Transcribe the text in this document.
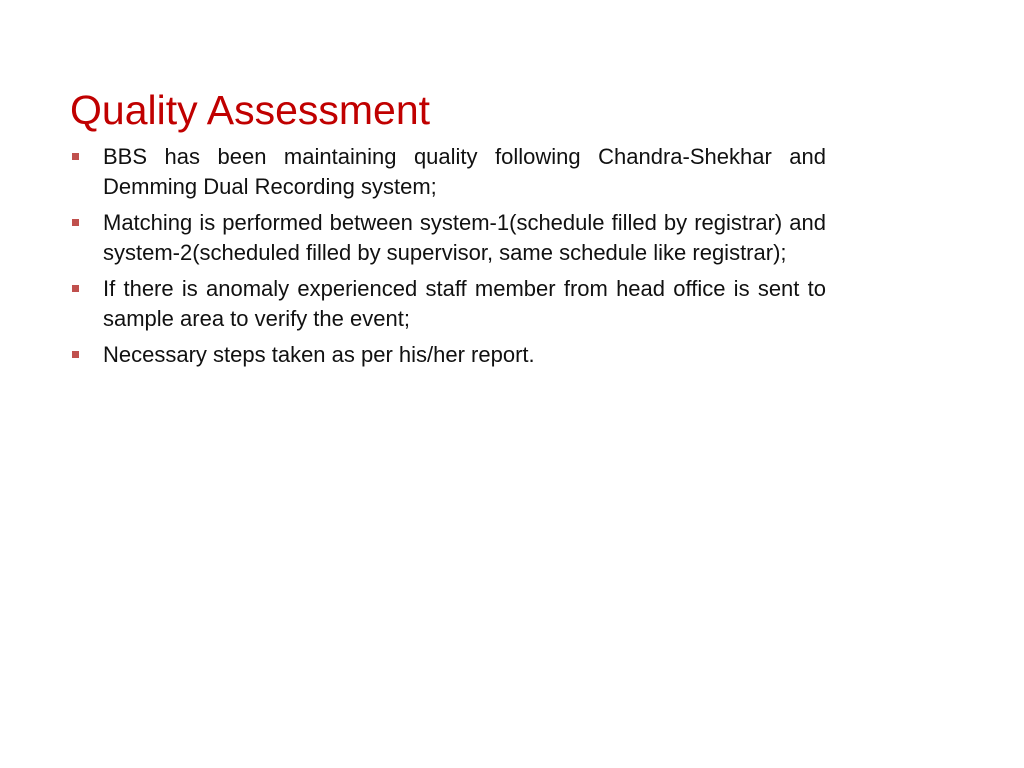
Quality Assessment
BBS has been maintaining quality following Chandra-Shekhar and Demming Dual Recording system;
Matching is performed between system-1(schedule filled by registrar) and system-2(scheduled filled by supervisor, same schedule like registrar);
If there is anomaly experienced staff member from head office is sent to sample area to verify the event;
Necessary steps taken as per his/her report.
